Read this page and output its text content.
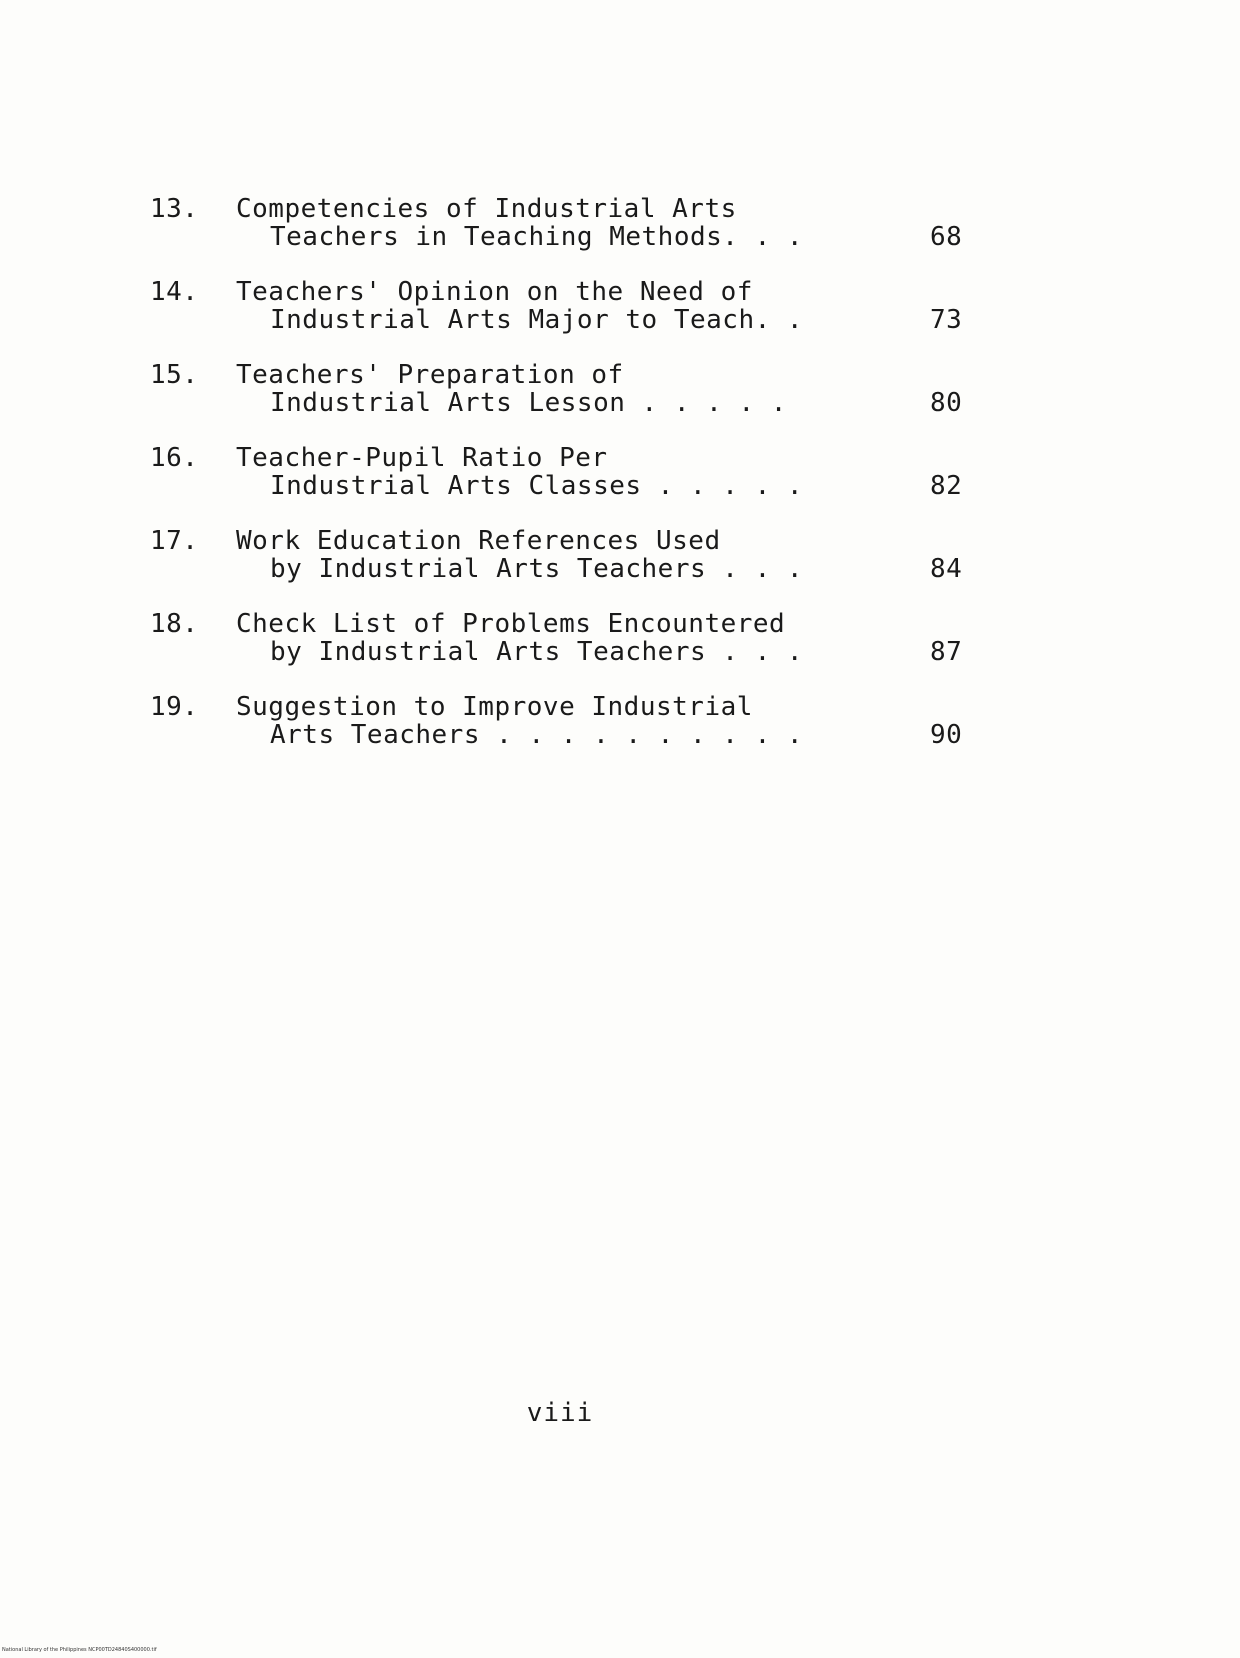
13. Competencies of Industrial Arts
Teachers in Teaching Methods. . .	68
14. Teachers' Opinion on the Need of
Industrial Arts Major to Teach. .	73
15. Teachers' Preparation of
Industrial Arts Lesson . . . . .	80
16. Teacher-Pupil Ratio Per
Industrial Arts Classes . . . . .	82
17. Work Education References Used
by Industrial Arts Teachers . . .	84
18. Check List of Problems Encountered
by Industrial Arts Teachers . . .	87
19. Suggestion to Improve Industrial
Arts Teachers . . . . . . . . . .	90
viii
National Library of the Philippines NCP00TD24840S400000.tif
